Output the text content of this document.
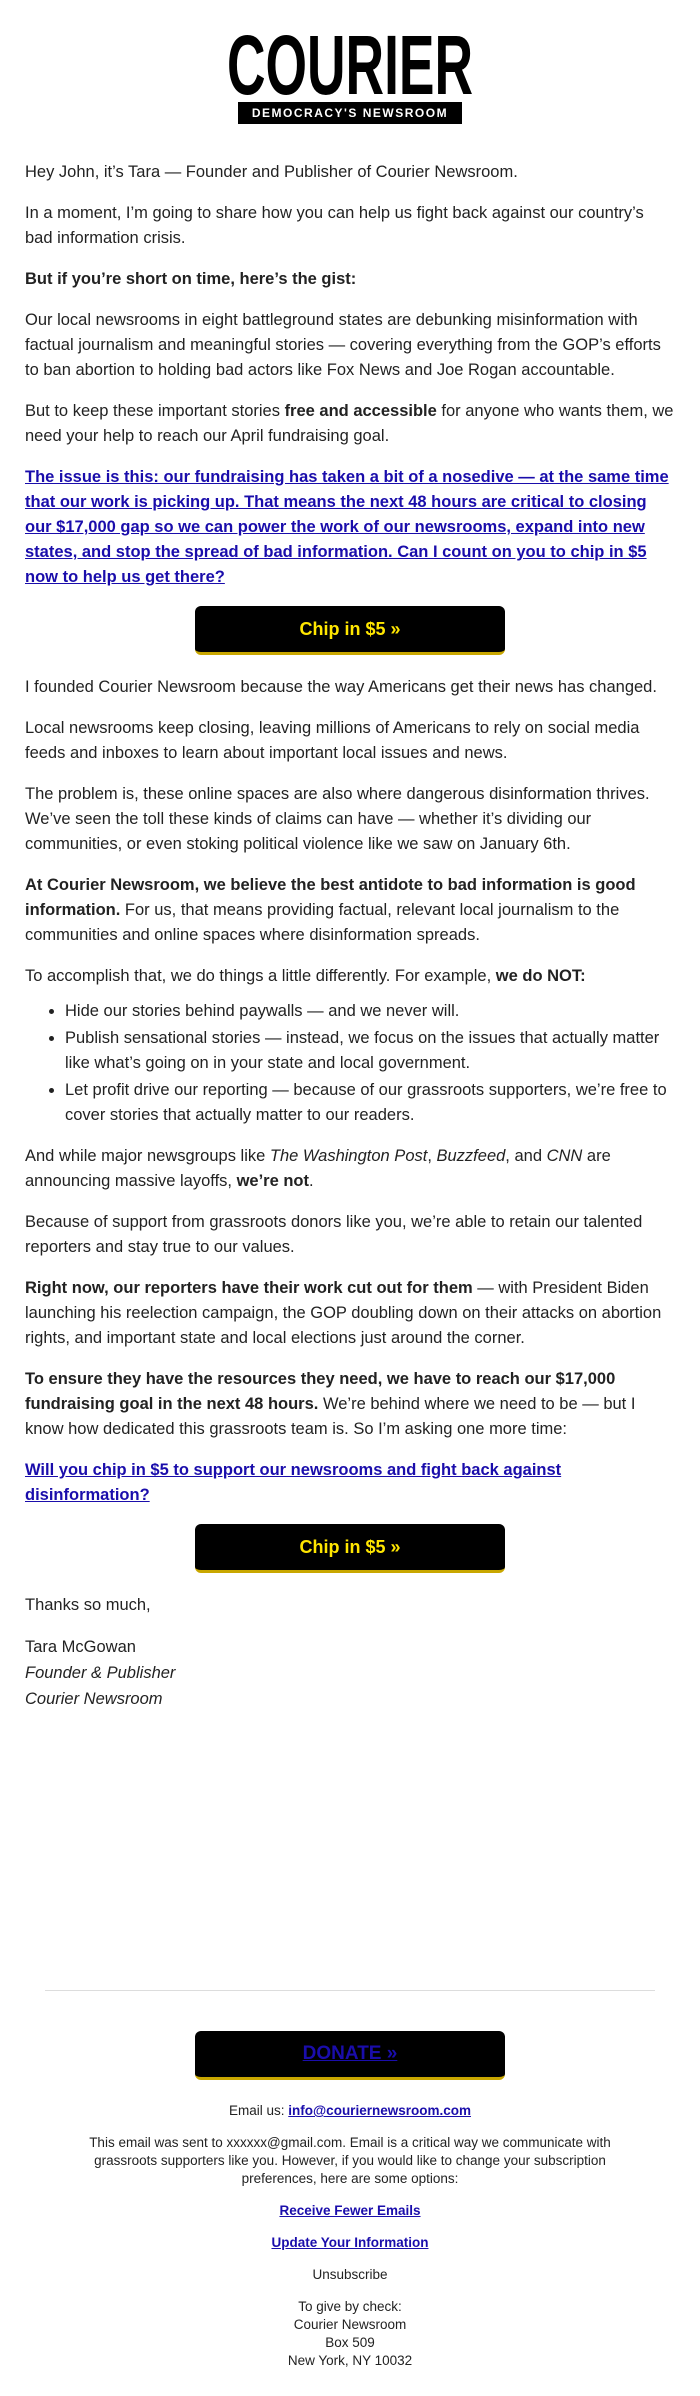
COURIER
DEMOCRACY'S NEWSROOM

Hey John, it’s Tara — Founder and Publisher of Courier Newsroom.

In a moment, I’m going to share how you can help us fight back against our country’s bad information crisis.

But if you’re short on time, here’s the gist:

Our local newsrooms in eight battleground states are debunking misinformation with factual journalism and meaningful stories — covering everything from the GOP’s efforts to ban abortion to holding bad actors like Fox News and Joe Rogan accountable.

But to keep these important stories free and accessible for anyone who wants them, we need your help to reach our April fundraising goal.

The issue is this: our fundraising has taken a bit of a nosedive — at the same time that our work is picking up. That means the next 48 hours are critical to closing our $17,000 gap so we can power the work of our newsrooms, expand into new states, and stop the spread of bad information. Can I count on you to chip in $5 now to help us get there?

Chip in $5 »

I founded Courier Newsroom because the way Americans get their news has changed.

Local newsrooms keep closing, leaving millions of Americans to rely on social media feeds and inboxes to learn about important local issues and news.

The problem is, these online spaces are also where dangerous disinformation thrives. We’ve seen the toll these kinds of claims can have — whether it’s dividing our communities, or even stoking political violence like we saw on January 6th.

At Courier Newsroom, we believe the best antidote to bad information is good information. For us, that means providing factual, relevant local journalism to the communities and online spaces where disinformation spreads.

To accomplish that, we do things a little differently. For example, we do NOT:

• Hide our stories behind paywalls — and we never will.
• Publish sensational stories — instead, we focus on the issues that actually matter like what’s going on in your state and local government.
• Let profit drive our reporting — because of our grassroots supporters, we’re free to cover stories that actually matter to our readers.

And while major newsgroups like The Washington Post, Buzzfeed, and CNN are announcing massive layoffs, we’re not.

Because of support from grassroots donors like you, we’re able to retain our talented reporters and stay true to our values.

Right now, our reporters have their work cut out for them — with President Biden launching his reelection campaign, the GOP doubling down on their attacks on abortion rights, and important state and local elections just around the corner.

To ensure they have the resources they need, we have to reach our $17,000 fundraising goal in the next 48 hours. We’re behind where we need to be — but I know how dedicated this grassroots team is. So I’m asking one more time:

Will you chip in $5 to support our newsrooms and fight back against disinformation?

Chip in $5 »

Thanks so much,

Tara McGowan
Founder & Publisher
Courier Newsroom

DONATE »

Email us: info@couriernewsroom.com

This email was sent to xxxxxx@gmail.com. Email is a critical way we communicate with grassroots supporters like you. However, if you would like to change your subscription preferences, here are some options:

Receive Fewer Emails

Update Your Information

Unsubscribe

To give by check:
Courier Newsroom
Box 509
New York, NY 10032
